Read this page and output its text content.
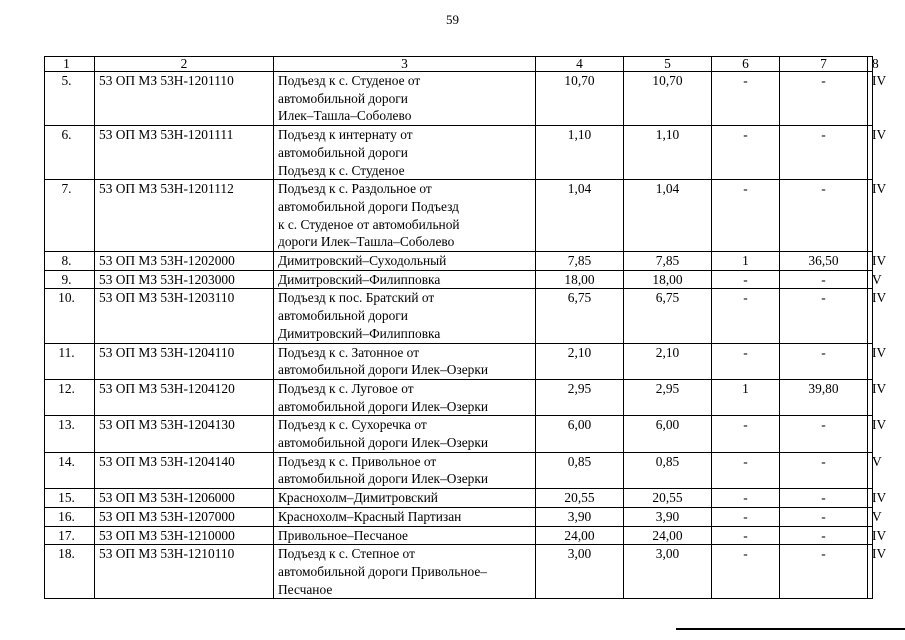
59
1	2	3	4	5	6	7	8
5.	53 ОП МЗ 53Н-1201110	Подъезд к с. Студеное от
автомобильной дороги
Илек–Ташла–Соболево	10,70	10,70	-	-	IV
6.	53 ОП МЗ 53Н-1201111	Подъезд к интернату от
автомобильной дороги
Подъезд к с. Студеное	1,10	1,10	-	-	IV
7.	53 ОП МЗ 53Н-1201112	Подъезд к с. Раздольное от
автомобильной дороги Подъезд
к с. Студеное от автомобильной
дороги Илек–Ташла–Соболево	1,04	1,04	-	-	IV
8.	53 ОП МЗ 53Н-1202000	Димитровский–Суходольный	7,85	7,85	1	36,50	IV
9.	53 ОП МЗ 53Н-1203000	Димитровский–Филипповка	18,00	18,00	-	-	V
10.	53 ОП МЗ 53Н-1203110	Подъезд к пос. Братский от
автомобильной дороги
Димитровский–Филипповка	6,75	6,75	-	-	IV
11.	53 ОП МЗ 53Н-1204110	Подъезд к с. Затонное от
автомобильной дороги Илек–Озерки	2,10	2,10	-	-	IV
12.	53 ОП МЗ 53Н-1204120	Подъезд к с. Луговое от
автомобильной дороги Илек–Озерки	2,95	2,95	1	39,80	IV
13.	53 ОП МЗ 53Н-1204130	Подъезд к с. Сухоречка от
автомобильной дороги Илек–Озерки	6,00	6,00	-	-	IV
14.	53 ОП МЗ 53Н-1204140	Подъезд к с. Привольное от
автомобильной дороги Илек–Озерки	0,85	0,85	-	-	V
15.	53 ОП МЗ 53Н-1206000	Краснохолм–Димитровский	20,55	20,55	-	-	IV
16.	53 ОП МЗ 53Н-1207000	Краснохолм–Красный Партизан	3,90	3,90	-	-	V
17.	53 ОП МЗ 53Н-1210000	Привольное–Песчаное	24,00	24,00	-	-	IV
18.	53 ОП МЗ 53Н-1210110	Подъезд к с. Степное от
автомобильной дороги Привольное–
Песчаное	3,00	3,00	-	-	IV
